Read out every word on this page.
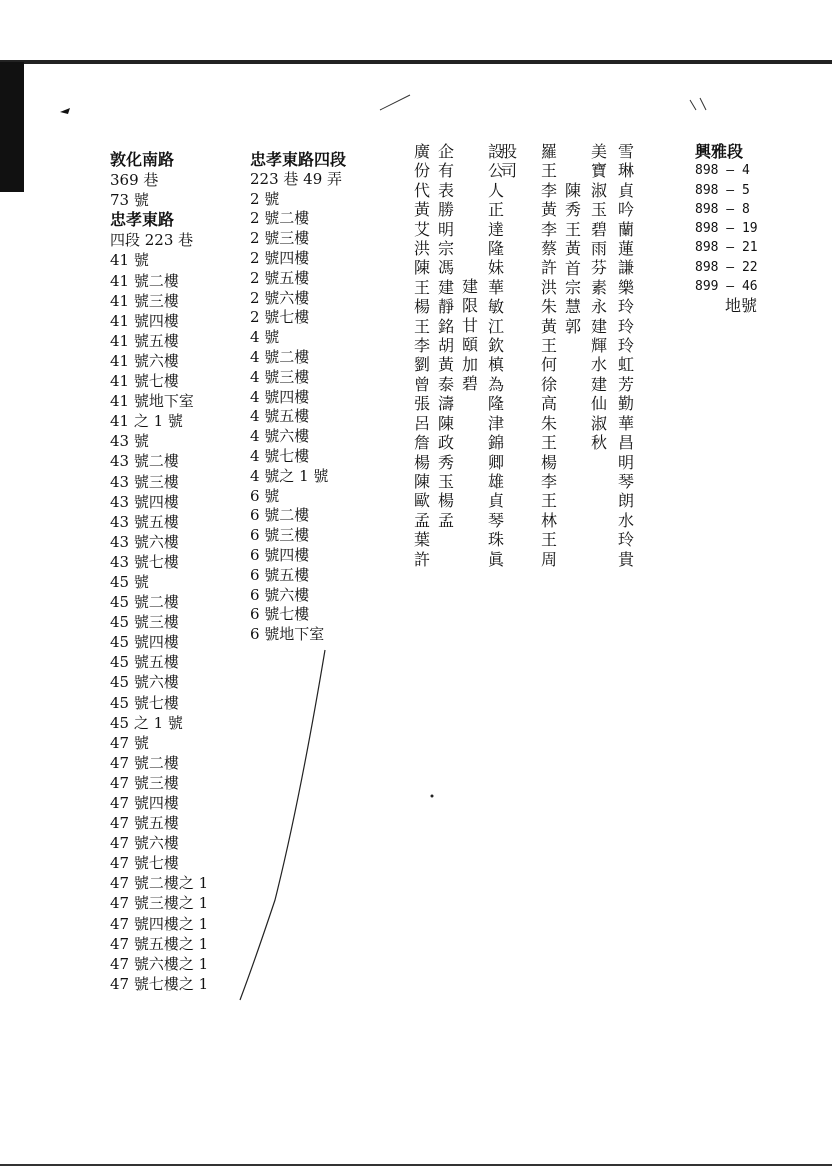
敦化南路
369 巷
73 號
忠孝東路
四段 223 巷
41 號
41 號二樓
41 號三樓
41 號四樓
41 號五樓
41 號六樓
41 號七樓
41 號地下室
41 之 1 號
43 號
43 號二樓
43 號三樓
43 號四樓
43 號五樓
43 號六樓
43 號七樓
45 號
45 號二樓
45 號三樓
45 號四樓
45 號五樓
45 號六樓
45 號七樓
45 之 1 號
47 號
47 號二樓
47 號三樓
47 號四樓
47 號五樓
47 號六樓
47 號七樓
47 號二樓之 1
47 號三樓之 1
47 號四樓之 1
47 號五樓之 1
47 號六樓之 1
47 號七樓之 1
忠孝東路四段
223 巷 49 弄
2 號
2 號二樓
2 號三樓
2 號四樓
2 號五樓
2 號六樓
2 號七樓
4 號
4 號二樓
4 號三樓
4 號四樓
4 號五樓
4 號六樓
4 號七樓
4 號之 1 號
6 號
6 號二樓
6 號三樓
6 號四樓
6 號五樓
6 號六樓
6 號七樓
6 號地下室
廣
份
代
黃
艾
洪
陳
王
楊
王
李
劉
曾
張
呂
詹
楊
陳
歐
孟
葉
許
企
有
表
勝
明
宗
馮
建
靜
銘
胡
黃
泰
濤
陳
政
秀
玉
楊
孟
建
限
甘
頤
加
碧
設
公
人
正
達
隆
妹
華
敏
江
欽
槙
為
隆
津
錦
卿
雄
貞
琴
珠
眞
股
司
羅
王
李
黃
李
蔡
許
洪
朱
黃
王
何
徐
高
朱
王
楊
李
王
林
王
周
陳
秀
王
黃
首
宗
慧
郭
美
寶
淑
玉
碧
雨
芬
素
永
建
輝
水
建
仙
淑
秋
雪
琳
貞
吟
蘭
蓮
謙
樂
玲
玲
玲
虹
芳
勤
華
昌
明
琴
朗
水
玲
貴
興雅段
898 — 4
898 — 5
898 — 8
898 — 19
898 — 21
898 — 22
899 — 46
地號
